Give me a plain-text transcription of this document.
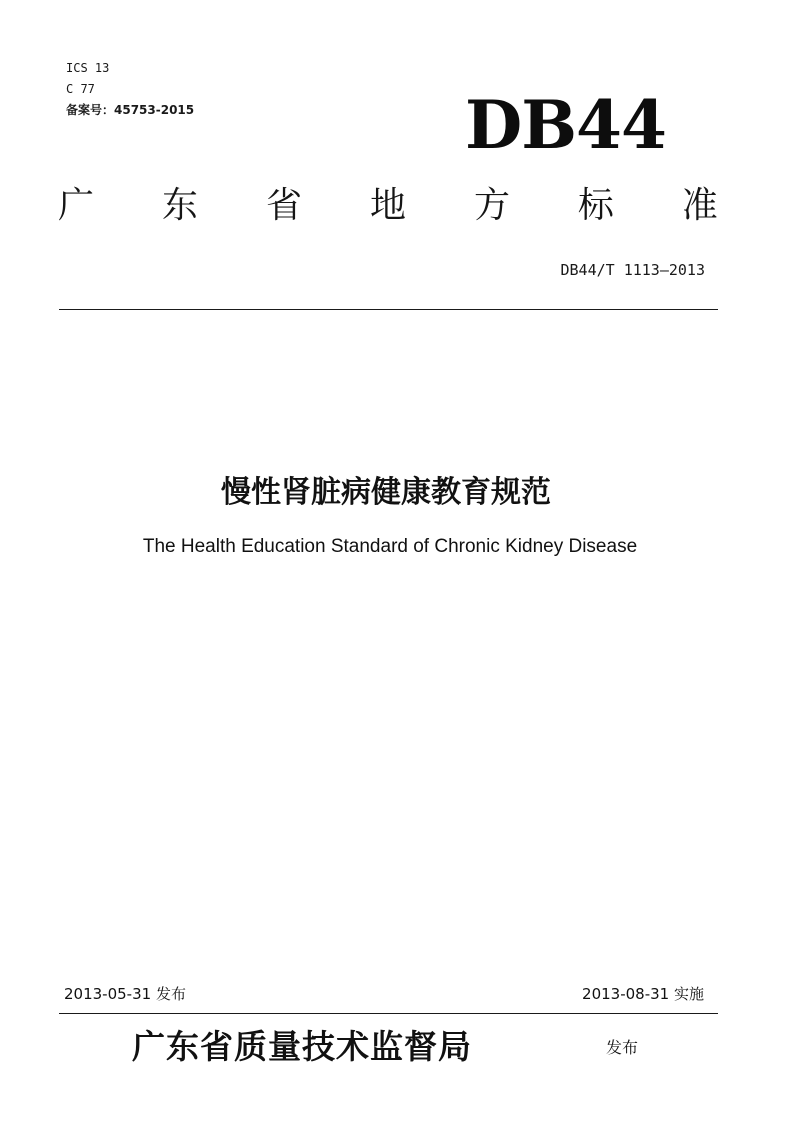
ICS 13
C 77
备案号：45753-2015	DB44
广 东 省 地 方 标 准
DB44/T 1113—2013
慢性肾脏病健康教育规范
The Health Education Standard of Chronic Kidney Disease
2013-05-31 发布	2013-08-31 实施
广东省质量技术监督局	发布
